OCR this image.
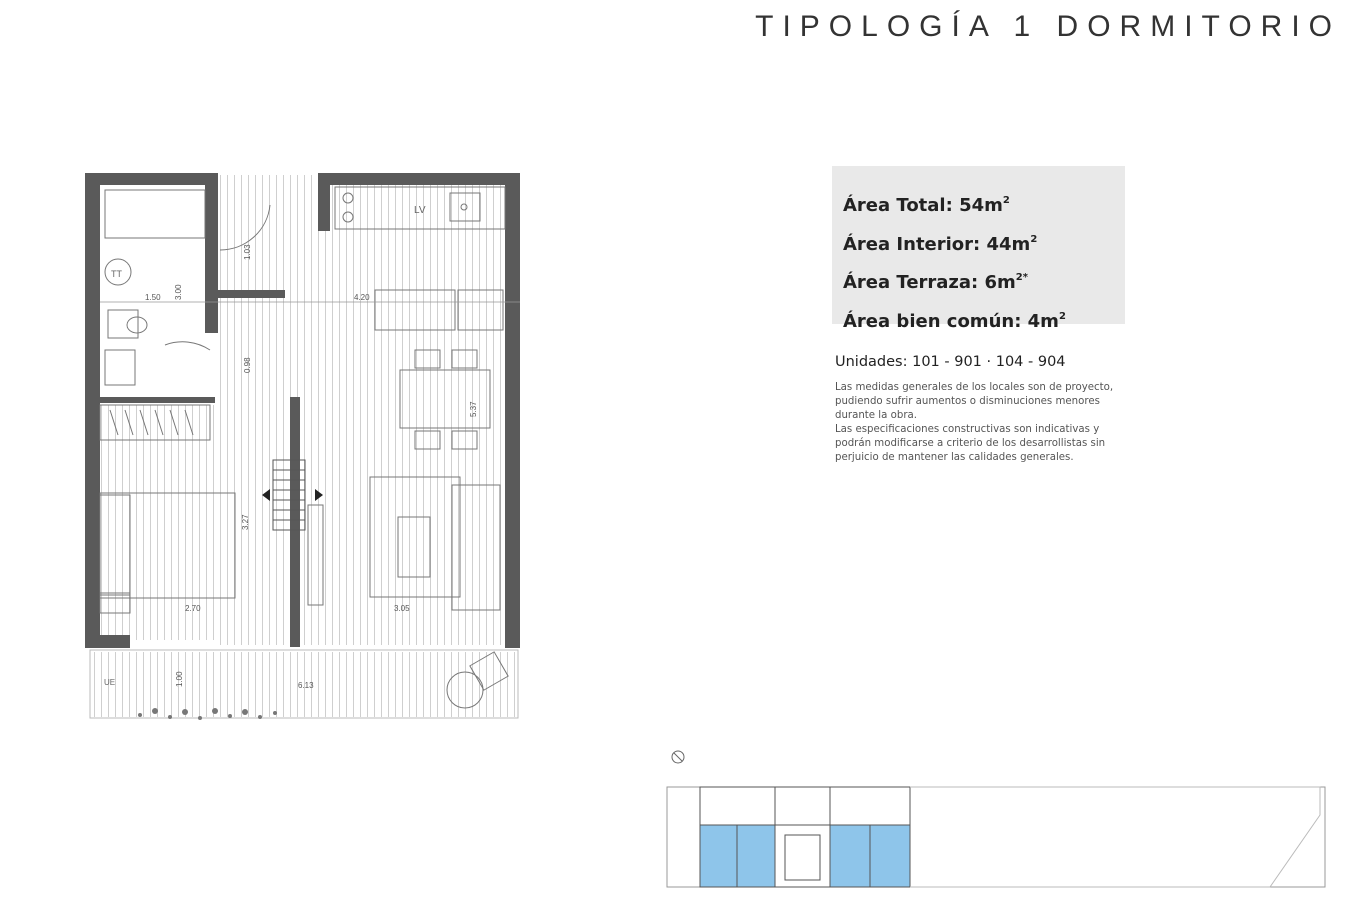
TIPOLOGÍA 1 DORMITORIO
TT
LV
UE
1.50 3.00
1.03
4.20
0.98
5.37
3.27
2.70	3.05
1.00	6.13
Área Total: $54m^2$
Área Interior: $44m^2$
Área Terraza: $6m^{2*}$
Área bien común: $4m^2$
Unidades: 101 - 901 · 104 - 904

Las medidas generales de los locales son de proyecto, pudiendo sufrir aumentos o disminuciones menores durante la obra.

Las especificaciones constructivas son indicativas y podrán modificarse a criterio de los desarrollistas sin perjuicio de mantener las calidades generales.
